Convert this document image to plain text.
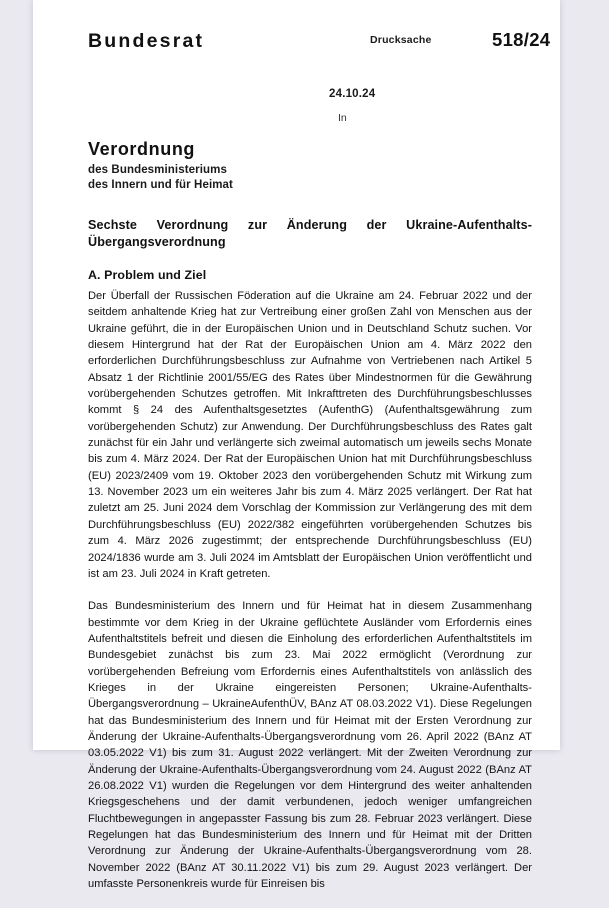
Bundesrat	Drucksache	518/24
24.10.24
In
Verordnung
des Bundesministeriums
des Innern und für Heimat
Sechste Verordnung zur Änderung der Ukraine-Aufenthalts-Übergangsverordnung
A. Problem und Ziel

Der Überfall der Russischen Föderation auf die Ukraine am 24. Februar 2022 und der seitdem anhaltende Krieg hat zur Vertreibung einer großen Zahl von Menschen aus der Ukraine geführt, die in der Europäischen Union und in Deutschland Schutz suchen. Vor diesem Hintergrund hat der Rat der Europäischen Union am 4. März 2022 den erforderlichen Durchführungsbeschluss zur Aufnahme von Vertriebenen nach Artikel 5 Absatz 1 der Richtlinie 2001/55/EG des Rates über Mindestnormen für die Gewährung vorübergehenden Schutzes getroffen. Mit Inkrafttreten des Durchführungsbeschlusses kommt § 24 des Aufenthaltsgesetztes (AufenthG) (Aufenthaltsgewährung zum vorübergehenden Schutz) zur Anwendung. Der Durchführungsbeschluss des Rates galt zunächst für ein Jahr und verlängerte sich zweimal automatisch um jeweils sechs Monate bis zum 4. März 2024. Der Rat der Europäischen Union hat mit Durchführungsbeschluss (EU) 2023/2409 vom 19. Oktober 2023 den vorübergehenden Schutz mit Wirkung zum 13. November 2023 um ein weiteres Jahr bis zum 4. März 2025 verlängert. Der Rat hat zuletzt am 25. Juni 2024 dem Vorschlag der Kommission zur Verlängerung des mit dem Durchführungsbeschluss (EU) 2022/382 eingeführten vorübergehenden Schutzes bis zum 4. März 2026 zugestimmt; der entsprechende Durchführungsbeschluss (EU) 2024/1836 wurde am 3. Juli 2024 im Amtsblatt der Europäischen Union veröffentlicht und ist am 23. Juli 2024 in Kraft getreten.

Das Bundesministerium des Innern und für Heimat hat in diesem Zusammenhang bestimmte vor dem Krieg in der Ukraine geflüchtete Ausländer vom Erfordernis eines Aufenthaltstitels befreit und diesen die Einholung des erforderlichen Aufenthaltstitels im Bundesgebiet zunächst bis zum 23. Mai 2022 ermöglicht (Verordnung zur vorübergehenden Befreiung vom Erfordernis eines Aufenthaltstitels von anlässlich des Krieges in der Ukraine eingereisten Personen; Ukraine-Aufenthalts-Übergangsverordnung – UkraineAufenthÜV, BAnz AT 08.03.2022 V1). Diese Regelungen hat das Bundesministerium des Innern und für Heimat mit der Ersten Verordnung zur Änderung der Ukraine-Aufenthalts-Übergangsverordnung vom 26. April 2022 (BAnz AT 03.05.2022 V1) bis zum 31. August 2022 verlängert. Mit der Zweiten Verordnung zur Änderung der Ukraine-Aufenthalts-Übergangsverordnung vom 24. August 2022 (BAnz AT 26.08.2022 V1) wurden die Regelungen vor dem Hintergrund des weiter anhaltenden Kriegsgeschehens und der damit verbundenen, jedoch weniger umfangreichen Fluchtbewegungen in angepasster Fassung bis zum 28. Februar 2023 verlängert. Diese Regelungen hat das Bundesministerium des Innern und für Heimat mit der Dritten Verordnung zur Änderung der Ukraine-Aufenthalts-Übergangsverordnung vom 28. November 2022 (BAnz AT 30.11.2022 V1) bis zum 29. August 2023 verlängert. Der umfasste Personenkreis wurde für Einreisen bis
